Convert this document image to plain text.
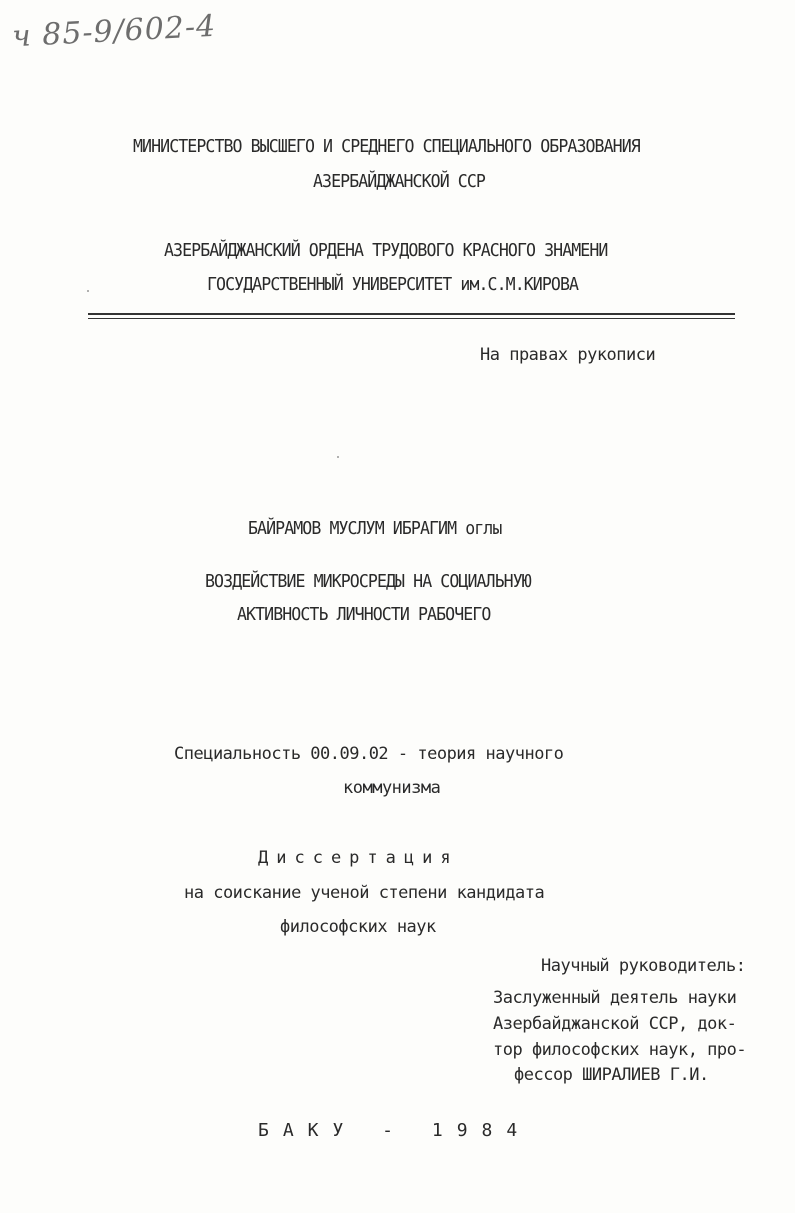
ч 85-9/602-4
МИНИСТЕРСТВО ВЫСШЕГО И СРЕДНЕГО СПЕЦИАЛЬНОГО ОБРАЗОВАНИЯ
АЗЕРБАЙДЖАНСКОЙ ССР
АЗЕРБАЙДЖАНСКИЙ ОРДЕНА ТРУДОВОГО КРАСНОГО ЗНАМЕНИ
ГОСУДАРСТВЕННЫЙ УНИВЕРСИТЕТ им.С.М.КИРОВА
На правах рукописи
БАЙРАМОВ МУСЛУМ ИБРАГИМ оглы
ВОЗДЕЙСТВИЕ МИКРОСРЕДЫ НА СОЦИАЛЬНУЮ
АКТИВНОСТЬ ЛИЧНОСТИ РАБОЧЕГО
Специальность 00.09.02 - теория научного
коммунизма
Диссертация
на соискание ученой степени кандидата
философских наук
Научный руководитель:
Заслуженный деятель науки
Азербайджанской ССР, док-
тор философских наук, про-
фессор ШИРАЛИЕВ Г.И.
БАКУ - 1984
